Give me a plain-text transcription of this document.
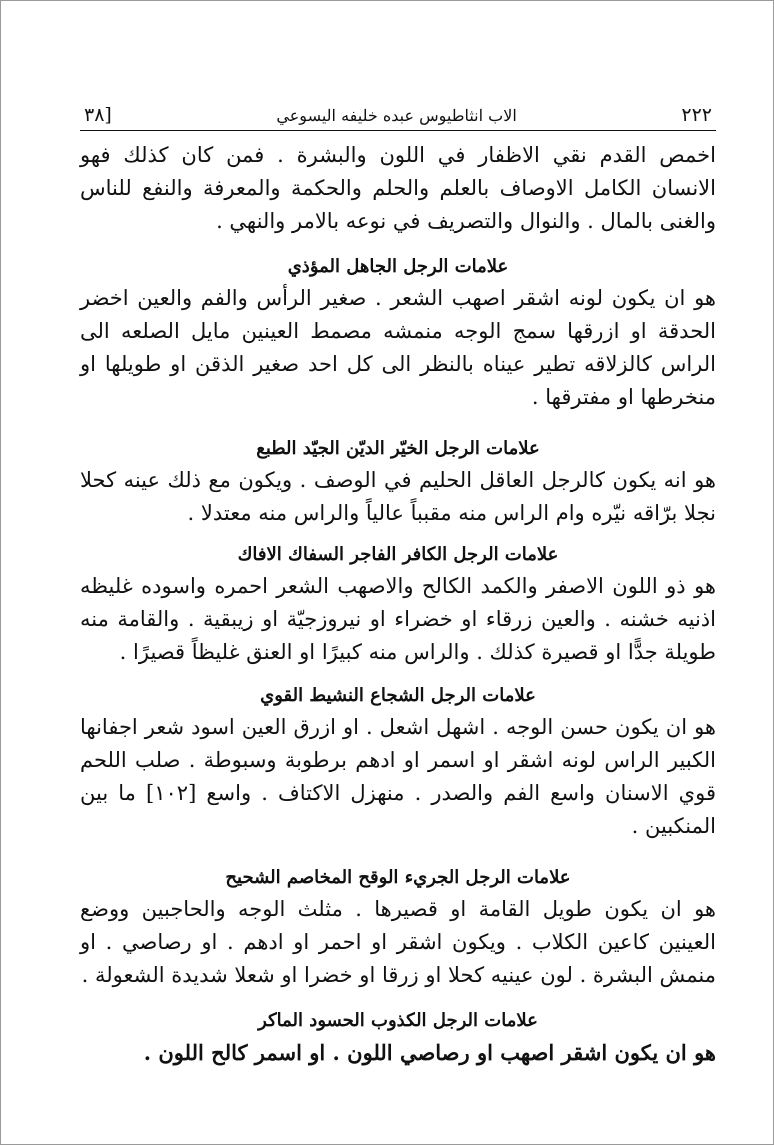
٢٢٢
الاب انثاطيوس عبده خليفه اليسوعي
[٣٨

اخمص القدم نقي الاظفار في اللون والبشرة . فمن كان كذلك فهو الانسان الكامل الاوصاف بالعلم والحلم والحكمة والمعرفة والنفع للناس والغنى بالمال . والنوال والتصريف في نوعه بالامر والنهي .

علامات الرجل الجاهل المؤذي

هو ان يكون لونه اشقر اصهب الشعر . صغير الرأس والفم والعين اخضر الحدقة او ازرقها سمج الوجه منمشه مصمط العينين مايل الصلعه الى الراس كالزلاقه تطير عيناه بالنظر الى كل احد صغير الذقن او طويلها او منخرطها او مفترقها .

علامات الرجل الخيّر الديّن الجيّد الطبع

هو انه يكون كالرجل العاقل الحليم في الوصف . ويكون مع ذلك عينه كحلا نجلا برّاقه نيّره وام الراس منه مقبباً عالياً والراس منه معتدلا .

علامات الرجل الكافر الفاجر السفاك الافاك

هو ذو اللون الاصفر والكمد الكالح والاصهب الشعر احمره واسوده غليظه اذنيه خشنه . والعين زرقاء او خضراء او نيروزجيّة او زيبقية . والقامة منه طويلة جدًّا او قصيرة كذلك . والراس منه كبيرًا او العنق غليظاً قصيرًا .

علامات الرجل الشجاع النشيط القوي

هو ان يكون حسن الوجه . اشهل اشعل . او ازرق العين اسود شعر اجفانها الكبير الراس لونه اشقر او اسمر او ادهم برطوبة وسبوطة . صلب اللحم قوي الاسنان واسع الفم والصدر . منهزل الاكتاف . واسع [١٠٢] ما بين المنكبين .

علامات الرجل الجريء الوقح المخاصم الشحيح

هو ان يكون طويل القامة او قصيرها . مثلث الوجه والحاجبين ووضع العينين كاعين الكلاب . ويكون اشقر او احمر او ادهم . او رصاصي . او منمش البشرة . لون عينيه كحلا او زرقا او خضرا او شعلا شديدة الشعولة .

علامات الرجل الكذوب الحسود الماكر

هو ان يكون اشقر اصهب او رصاصي اللون . او اسمر كالح اللون .
